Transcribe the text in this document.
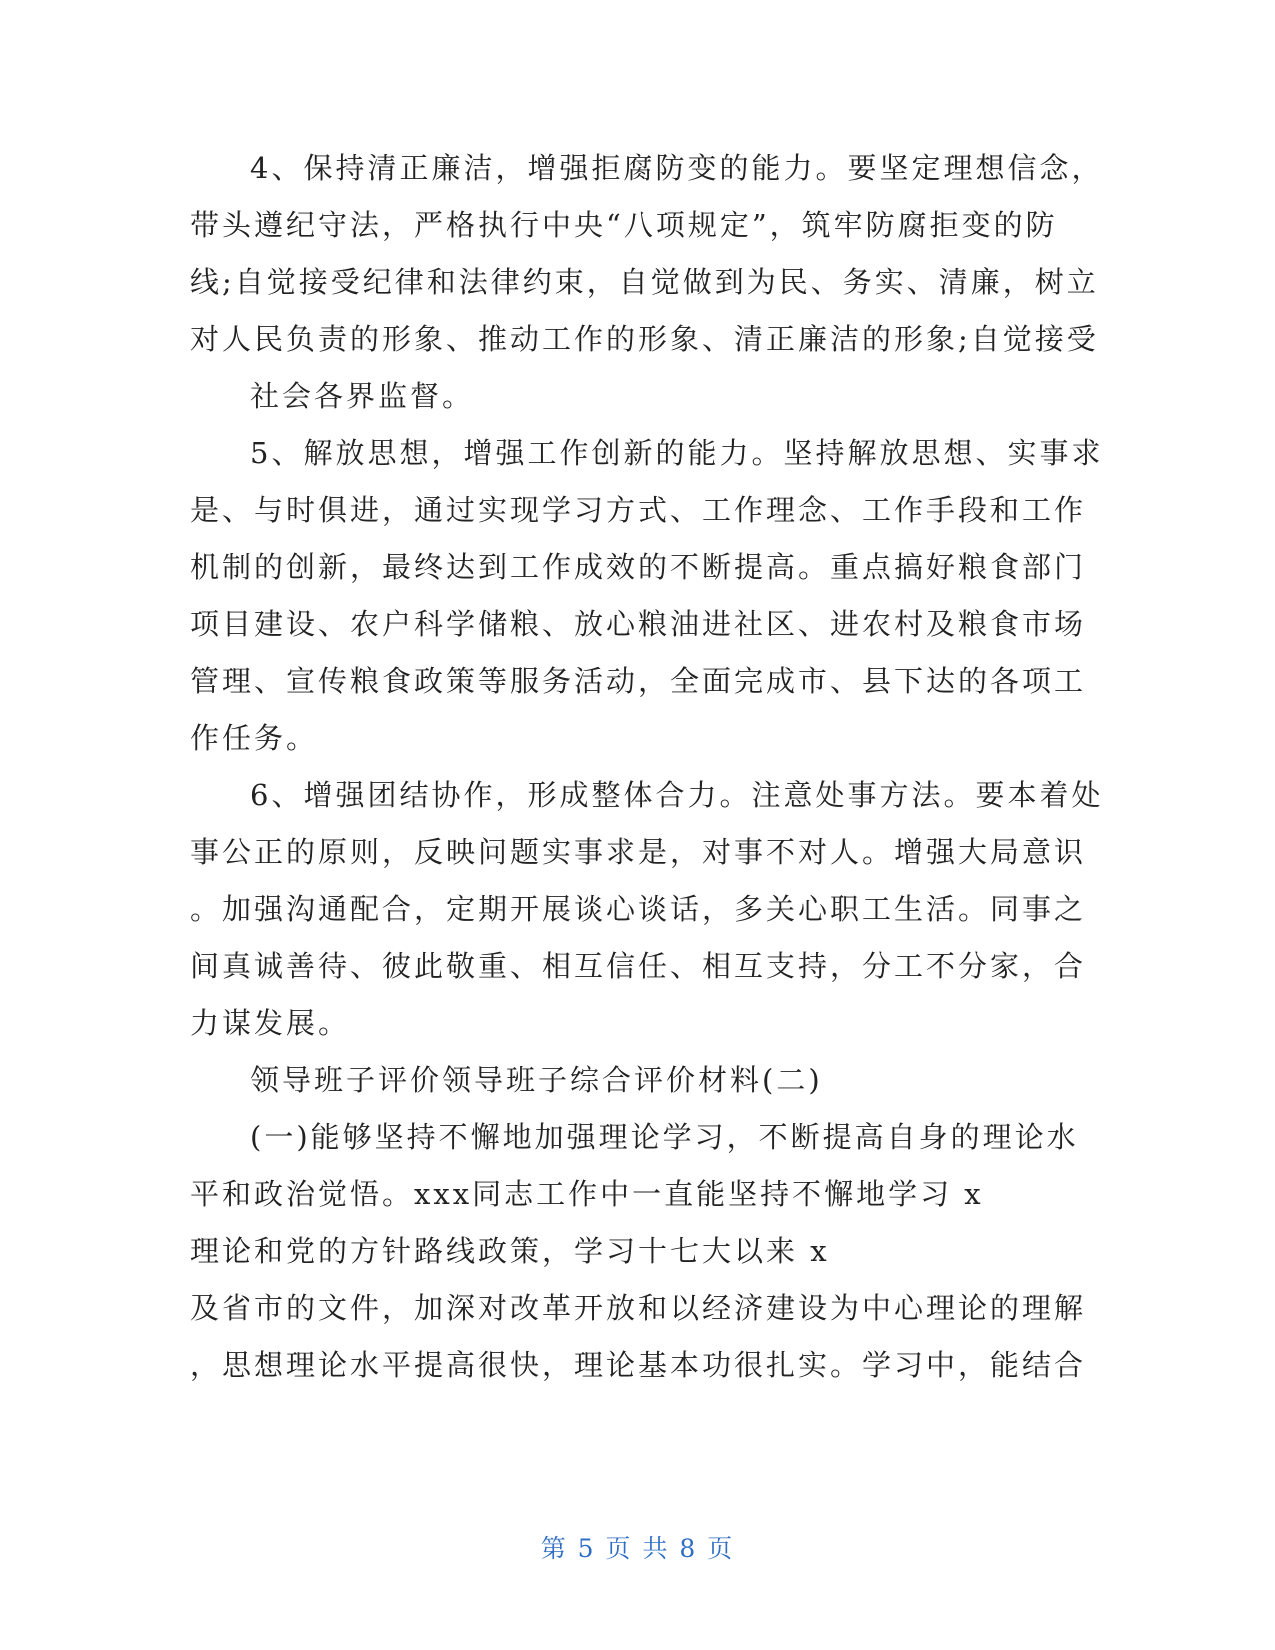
4、保持清正廉洁，增强拒腐防变的能力。要坚定理想信念，
带头遵纪守法，严格执行中央“八项规定”，筑牢防腐拒变的防
线;自觉接受纪律和法律约束，自觉做到为民、务实、清廉，树立
对人民负责的形象、推动工作的形象、清正廉洁的形象;自觉接受
社会各界监督。
5、解放思想，增强工作创新的能力。坚持解放思想、实事求
是、与时俱进，通过实现学习方式、工作理念、工作手段和工作
机制的创新，最终达到工作成效的不断提高。重点搞好粮食部门
项目建设、农户科学储粮、放心粮油进社区、进农村及粮食市场
管理、宣传粮食政策等服务活动，全面完成市、县下达的各项工
作任务。
6、增强团结协作，形成整体合力。注意处事方法。要本着处
事公正的原则，反映问题实事求是，对事不对人。增强大局意识
。加强沟通配合，定期开展谈心谈话，多关心职工生活。同事之
间真诚善待、彼此敬重、相互信任、相互支持，分工不分家，合
力谋发展。
领导班子评价领导班子综合评价材料(二)
(一)能够坚持不懈地加强理论学习，不断提高自身的理论水
平和政治觉悟。xxx同志工作中一直能坚持不懈地学习 x
理论和党的方针路线政策，学习十七大以来 x
及省市的文件，加深对改革开放和以经济建设为中心理论的理解
，思想理论水平提高很快，理论基本功很扎实。学习中，能结合
第 5 页 共 8 页
